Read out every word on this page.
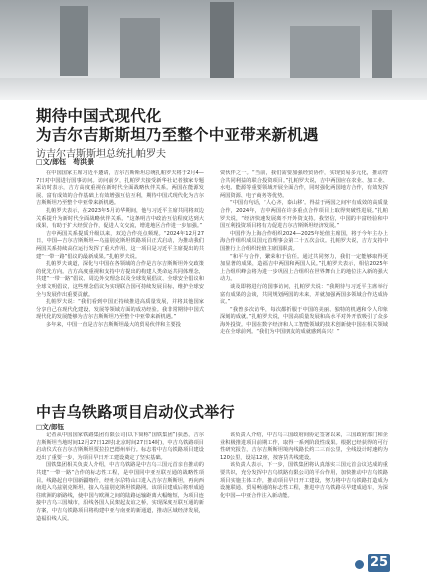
期待中国式现代化
为吉尔吉斯斯坦乃至整个中亚带来新机遇
访吉尔吉斯斯坦总统扎帕罗夫
□文/郎钰　苟洪景

在中国国家主席习近平邀请，吉尔吉斯斯坦总统扎帕罗夫将于2月4—7日对中国进行国事访问。访问前夕，扎帕罗夫接受新华社记者独家专题采访时表示，吉方高度重视在新时代全面战略伙伴关系。两国在能源发展、富有成效的合作基础上有效增强互信互利，期待中国式现代化为吉尔吉斯斯坦乃至整个中亚带来新机遇。

扎帕罗夫表示，在2023年5月访华期间，他与习近平主席共同将双边关系提升为新时代全面战略伙伴关系。“这条明吉中政治互信程度达到大成果，有助于扩大经贸合作，促进人文交流，增进地区合作进一步加强。”

吉中两国关系提质升级以来，双边合作亮点频现。“2024年12月27日，中国—吉尔吉斯斯坦—乌兹别克斯坦铁路项目正式启动，为推动我们两国关系持续高位运行发挥了重大作用，这一项目是习近平主席提出的共建“一带一路”倡议的最新成果。”扎帕罗夫说。

扎帕罗夫谈道，深化与中国在各领域的合作是吉尔吉斯斯坦外交政策的优先方向。吉方高度重视和支持中方提出的构建人类命运共同体理念，共建“一带一路”倡议、周边外交理念以及全球发展倡议、全球安全倡议和全球文明倡议，这些理念倡议为实现联合国可持续发展目标，维护全球安全与发展作出重要贡献。

扎帕罗夫说：“我们看到中国正持续推进高质量发展，并将其他国家分享自己在现代化建设、发展等领域方面的成功经验。我非常期待中国式现代化的发展能够为吉尔吉斯斯坦乃至整个中亚带来新机遇。”

多年来，中国一直是吉尔吉斯斯坦最大的贸易伙伴和主要投

资伙伴之一。“当前，我们需要加强经贸协作，实现贸易多元化，推动符合共同利益的联合投资项目。”扎帕罗夫说，吉中两国应在农业、加工业、水电、能源等重要领域开展全面合作，同时强化两国地方合作，有效发挥两国资源、电子商务等优势。

“中国有句话，‘人心齐，泰山移’。得益于两国之间牢有成效的高质量合作，2024年，吉中两国在许多重点合作项目上取得突破性进展。”扎帕罗夫说，“经济快速发展离不开外资支持。我坚信，中国的丰富经验和中国互利投资项目将有力促进吉尔吉斯斯坦经济发展。”

中国作为上海合作组织2024—2025年轮值主席国，将于今年主办上海合作组织成员国元首理事会第二十五次会议。扎帕罗夫说，吉方支持中国推行上合组织轮值主席国职责。

“和平与合作，繁荣和于信任。通过共同努力，我们一定能够取得更加显著的成果，造福吉中两国和两国人民。”扎帕罗夫表示，相信2025年上合组织峰会将为进一步巩固上合组织在世界舞台上的地位注入新的强大动力。

谈及即将进行的国事访问，扎帕罗夫说：“我期待与习近平主席举行富有成果的会谈，共同规划两国的未来，并就加强两国多领域合作达成协议。”

“我曾多次访华，每次都折服于中国的美丽、独特的机遇和令人印象深刻的成就。”扎帕罗夫说，中国高质量发展和高水平对外开放吸引了众多海外投资。中国在数字经济和人工智能领域的技术创新使中国在相关领域走在全球前列。“我们为中国朋友的成就感到高兴！”

中吉乌铁路项目启动仪式举行
□文/郎钰

记者从中国国家铁路集团有限公司(以下简称“国铁集团”)获悉，吉尔吉斯斯坦当地时间12月27日12时(北京时间27日14时)，中吉乌铁路项目启动仪式在吉尔吉斯斯坦贾拉拉巴德州举行。标志着中吉乌铁路项目建设迈出了重要一步，为项目早日开工建设奠定了坚实基础。

国铁集团相关负责人介绍，中吉乌铁路是中吉乌三国元首亲自推动的共建“一带一路”合作的标志性工程，是中国同中亚互联互通的战略性项目。线路起自中国新疆喀什，经吐尔尕特山口进入吉尔吉斯斯坦，再向西南进入乌兹别克斯坦，接入乌兹别克斯坦铁路网。该项目建成后将形成通往欧洲的新路线，使中国与欧洲之间的陆路运输距离大幅缩短，为项目连接中吉乌三国城市，沿线各国人民架起友谊之桥，实现深度互联互通的新方案，中吉乌铁路项目将构建中亚与南亚的新通道，推动区域经济发展，造福沿线人民。

该负责人介绍，中吉乌三国政府间协定签署以来，三国政府部门和企业积极推进项目前期工作，取得一系列阶段性成果。根据已经获得的可行性研究报告，吉尔吉斯斯坦境内线路长约二三百公里，全线设计时速约为120公里，设站12座，按客货共线建设。

该负责人表示，下一步，国铁集团将认真落实三国元首会议达成的重要共识，充分发挥中吉乌铁路有限公司的平台作用，加快推动中吉乌铁路项目实施主体工作，推动项目早日开工建设，努力将中吉乌铁路打造成为设施联通、贸易畅通的标志性工程，推进中吉乌铁路尽早建成通车，为深化中国—中亚合作注入新动能。

25
